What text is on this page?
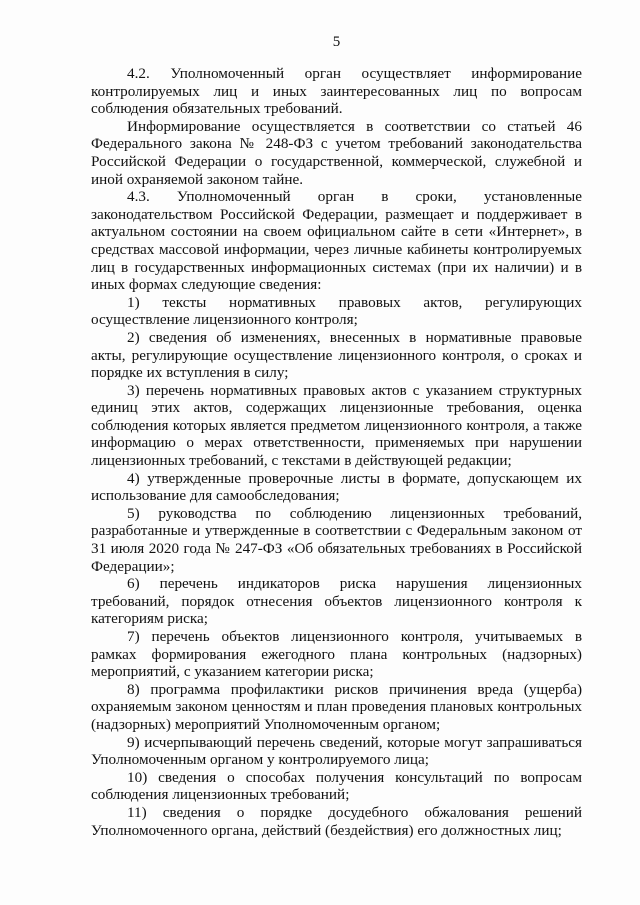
5

4.2. Уполномоченный орган осуществляет информирование контролируемых лиц и иных заинтересованных лиц по вопросам соблюдения обязательных требований.

Информирование осуществляется в соответствии со статьей 46 Федерального закона № 248-ФЗ с учетом требований законодательства Российской Федерации о государственной, коммерческой, служебной и иной охраняемой законом тайне.

4.3. Уполномоченный орган в сроки, установленные законодательством Российской Федерации, размещает и поддерживает в актуальном состоянии на своем официальном сайте в сети «Интернет», в средствах массовой информации, через личные кабинеты контролируемых лиц в государственных информационных системах (при их наличии) и в иных формах следующие сведения:

1) тексты нормативных правовых актов, регулирующих осуществление лицензионного контроля;

2) сведения об изменениях, внесенных в нормативные правовые акты, регулирующие осуществление лицензионного контроля, о сроках и порядке их вступления в силу;

3) перечень нормативных правовых актов с указанием структурных единиц этих актов, содержащих лицензионные требования, оценка соблюдения которых является предметом лицензионного контроля, а также информацию о мерах ответственности, применяемых при нарушении лицензионных требований, с текстами в действующей редакции;

4) утвержденные проверочные листы в формате, допускающем их использование для самообследования;

5) руководства по соблюдению лицензионных требований, разработанные и утвержденные в соответствии с Федеральным законом от 31 июля 2020 года № 247-ФЗ «Об обязательных требованиях в Российской Федерации»;

6) перечень индикаторов риска нарушения лицензионных требований, порядок отнесения объектов лицензионного контроля к категориям риска;

7) перечень объектов лицензионного контроля, учитываемых в рамках формирования ежегодного плана контрольных (надзорных) мероприятий, с указанием категории риска;

8) программа профилактики рисков причинения вреда (ущерба) охраняемым законом ценностям и план проведения плановых контрольных (надзорных) мероприятий Уполномоченным органом;

9) исчерпывающий перечень сведений, которые могут запрашиваться Уполномоченным органом у контролируемого лица;

10) сведения о способах получения консультаций по вопросам соблюдения лицензионных требований;

11) сведения о порядке досудебного обжалования решений Уполномоченного органа, действий (бездействия) его должностных лиц;
